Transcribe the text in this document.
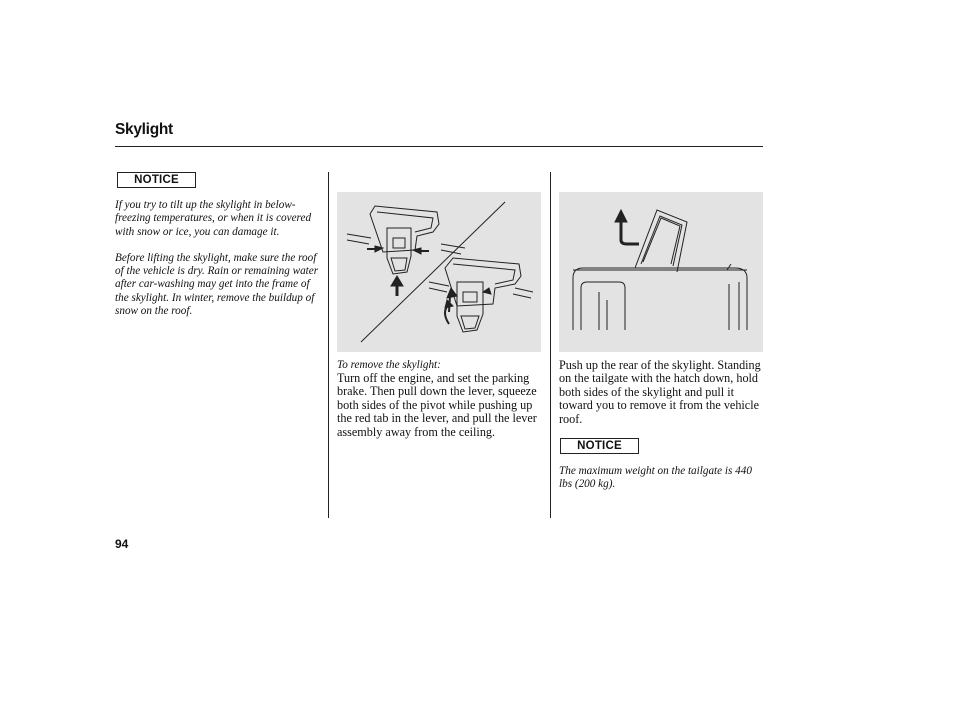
Skylight
NOTICE

If you try to tilt up the skylight in below-freezing temperatures, or when it is covered with snow or ice, you can damage it.

Before lifting the skylight, make sure the roof of the vehicle is dry. Rain or remaining water after car-washing may get into the frame of the skylight. In winter, remove the buildup of snow on the roof.

To remove the skylight:
Turn off the engine, and set the parking brake. Then pull down the lever, squeeze both sides of the pivot while pushing up the red tab in the lever, and pull the lever assembly away from the ceiling.
Push up the rear of the skylight. Standing on the tailgate with the hatch down, hold both sides of the skylight and pull it toward you to remove it from the vehicle roof.
NOTICE
The maximum weight on the tailgate is 440 lbs (200 kg).
94
